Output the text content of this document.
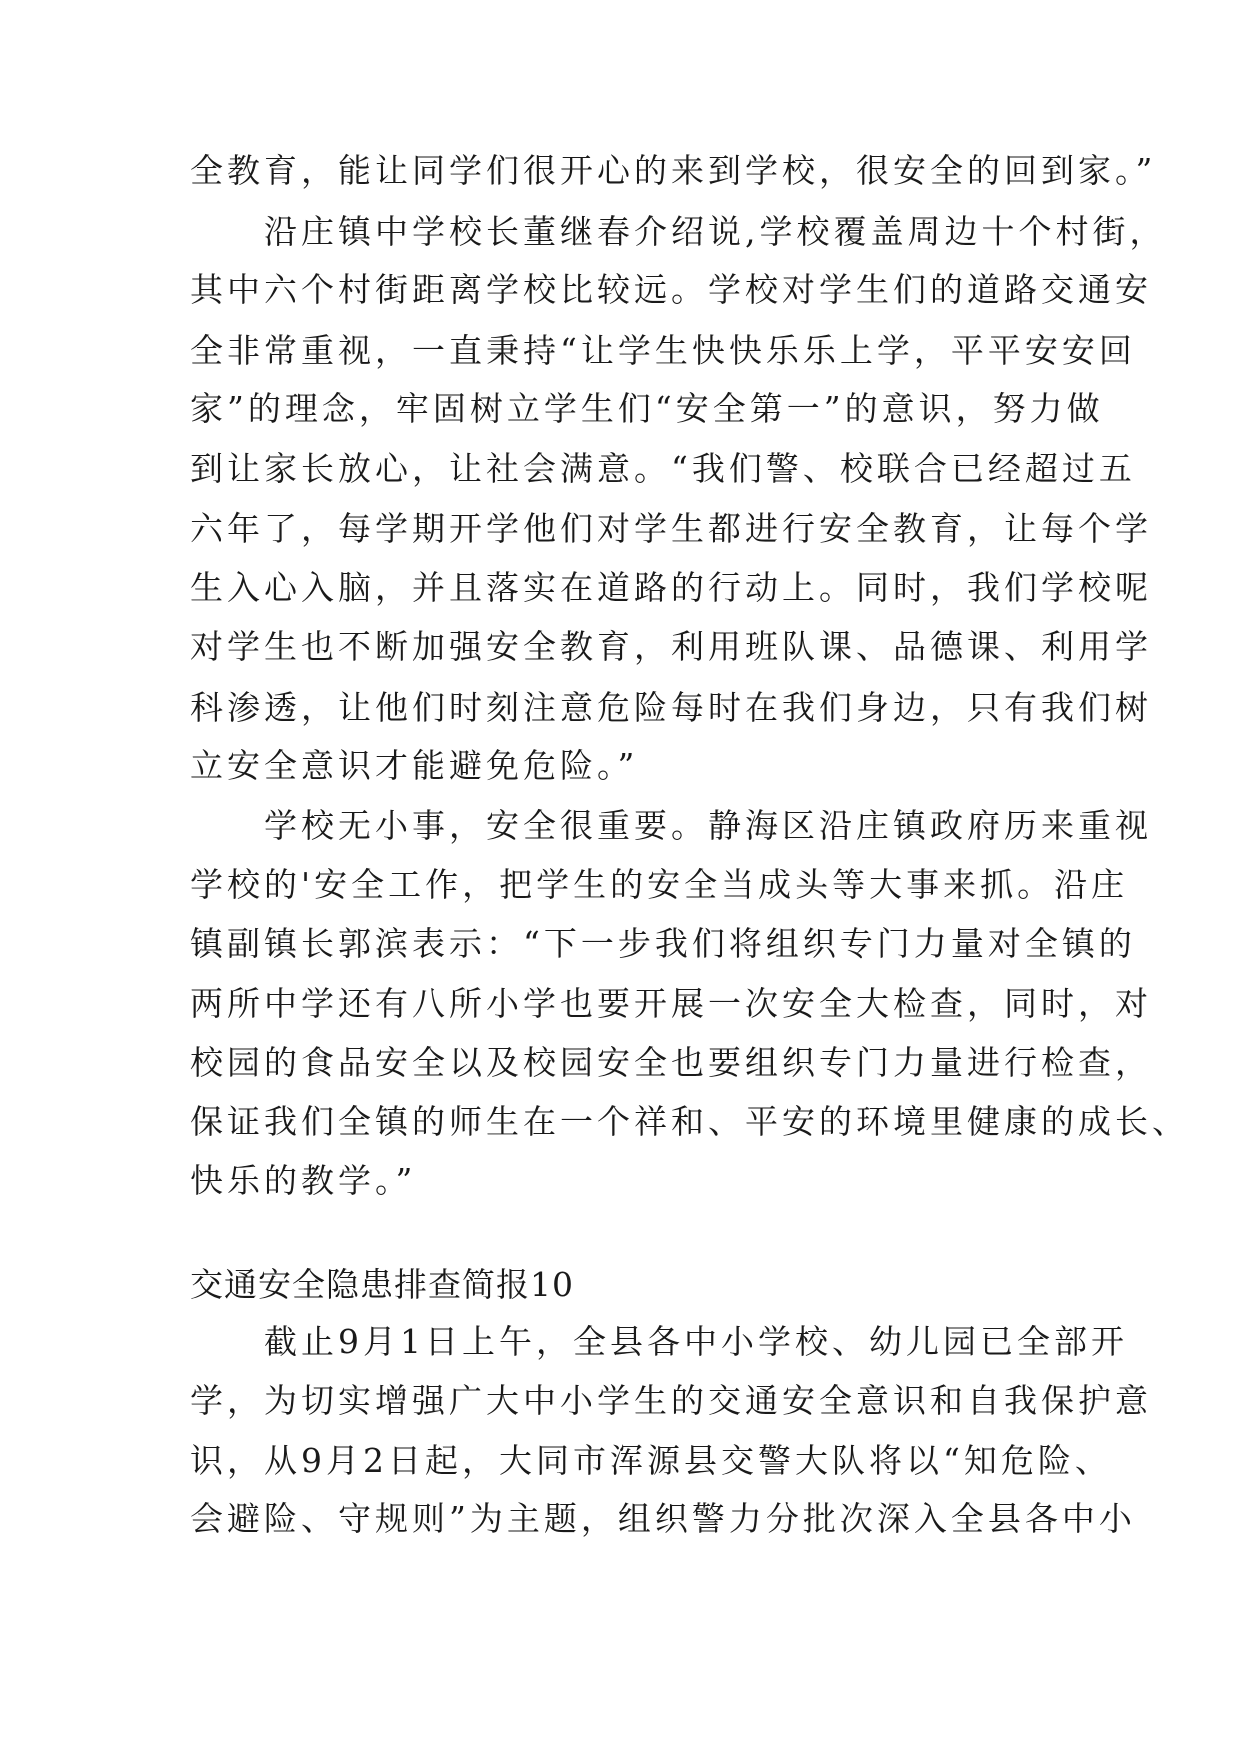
全教育，能让同学们很开心的来到学校，很安全的回到家。”
　　沿庄镇中学校长董继春介绍说,学校覆盖周边十个村街，
其中六个村街距离学校比较远。学校对学生们的道路交通安
全非常重视，一直秉持“让学生快快乐乐上学，平平安安回
家”的理念，牢固树立学生们“安全第一”的意识，努力做
到让家长放心，让社会满意。“我们警、校联合已经超过五
六年了，每学期开学他们对学生都进行安全教育，让每个学
生入心入脑，并且落实在道路的行动上。同时，我们学校呢
对学生也不断加强安全教育，利用班队课、品德课、利用学
科渗透，让他们时刻注意危险每时在我们身边，只有我们树
立安全意识才能避免危险。”
　　学校无小事，安全很重要。静海区沿庄镇政府历来重视
学校的'安全工作，把学生的安全当成头等大事来抓。沿庄
镇副镇长郭滨表示：“下一步我们将组织专门力量对全镇的
两所中学还有八所小学也要开展一次安全大检查，同时，对
校园的食品安全以及校园安全也要组织专门力量进行检查，
保证我们全镇的师生在一个祥和、平安的环境里健康的成长、
快乐的教学。”
交通安全隐患排查简报10
　　截止9月1日上午，全县各中小学校、幼儿园已全部开
学，为切实增强广大中小学生的交通安全意识和自我保护意
识，从9月2日起，大同市浑源县交警大队将以“知危险、
会避险、守规则”为主题，组织警力分批次深入全县各中小
